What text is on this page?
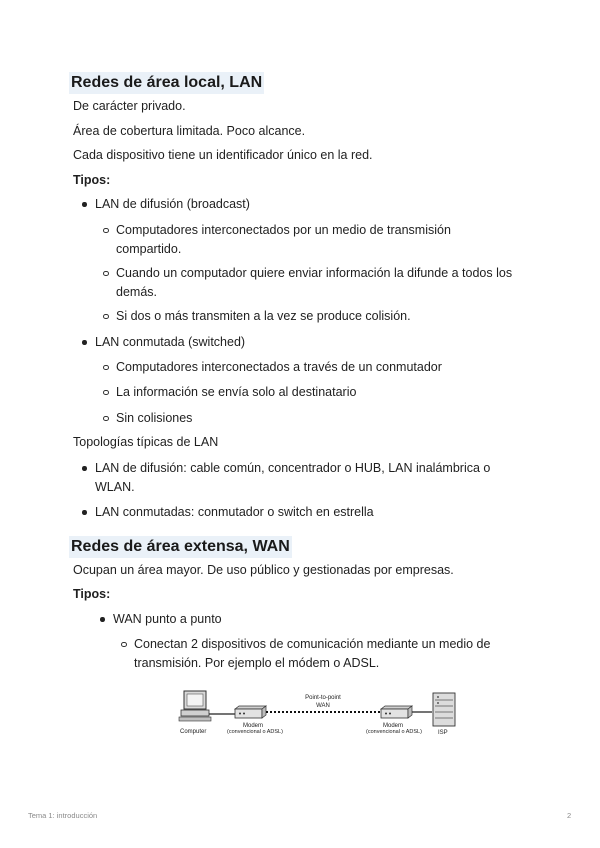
Redes de área local, LAN
De carácter privado.
Área de cobertura limitada. Poco alcance.
Cada dispositivo tiene un identificador único en la red.
Tipos:
LAN de difusión (broadcast)
Computadores interconectados por un medio de transmisión compartido.
Cuando un computador quiere enviar información la difunde a todos los demás.
Si dos o más transmiten a la vez se produce colisión.
LAN conmutada (switched)
Computadores interconectados a través de un conmutador
La información se envía solo al destinatario
Sin colisiones
Topologías típicas de LAN
LAN de difusión: cable común, concentrador o HUB, LAN inalámbrica o WLAN.
LAN conmutadas: conmutador o switch en estrella
Redes de área extensa, WAN
Ocupan un área mayor. De uso público y gestionadas por empresas.
Tipos:
WAN punto a punto
Conectan 2 dispositivos de comunicación mediante un medio de transmisión. Por ejemplo el módem o ADSL.
Computer
Modem
(convencional o ADSL)
Point-to-point
WAN
Modem
(convencional o ADSL)	ISP
Tema 1: introducción	2
